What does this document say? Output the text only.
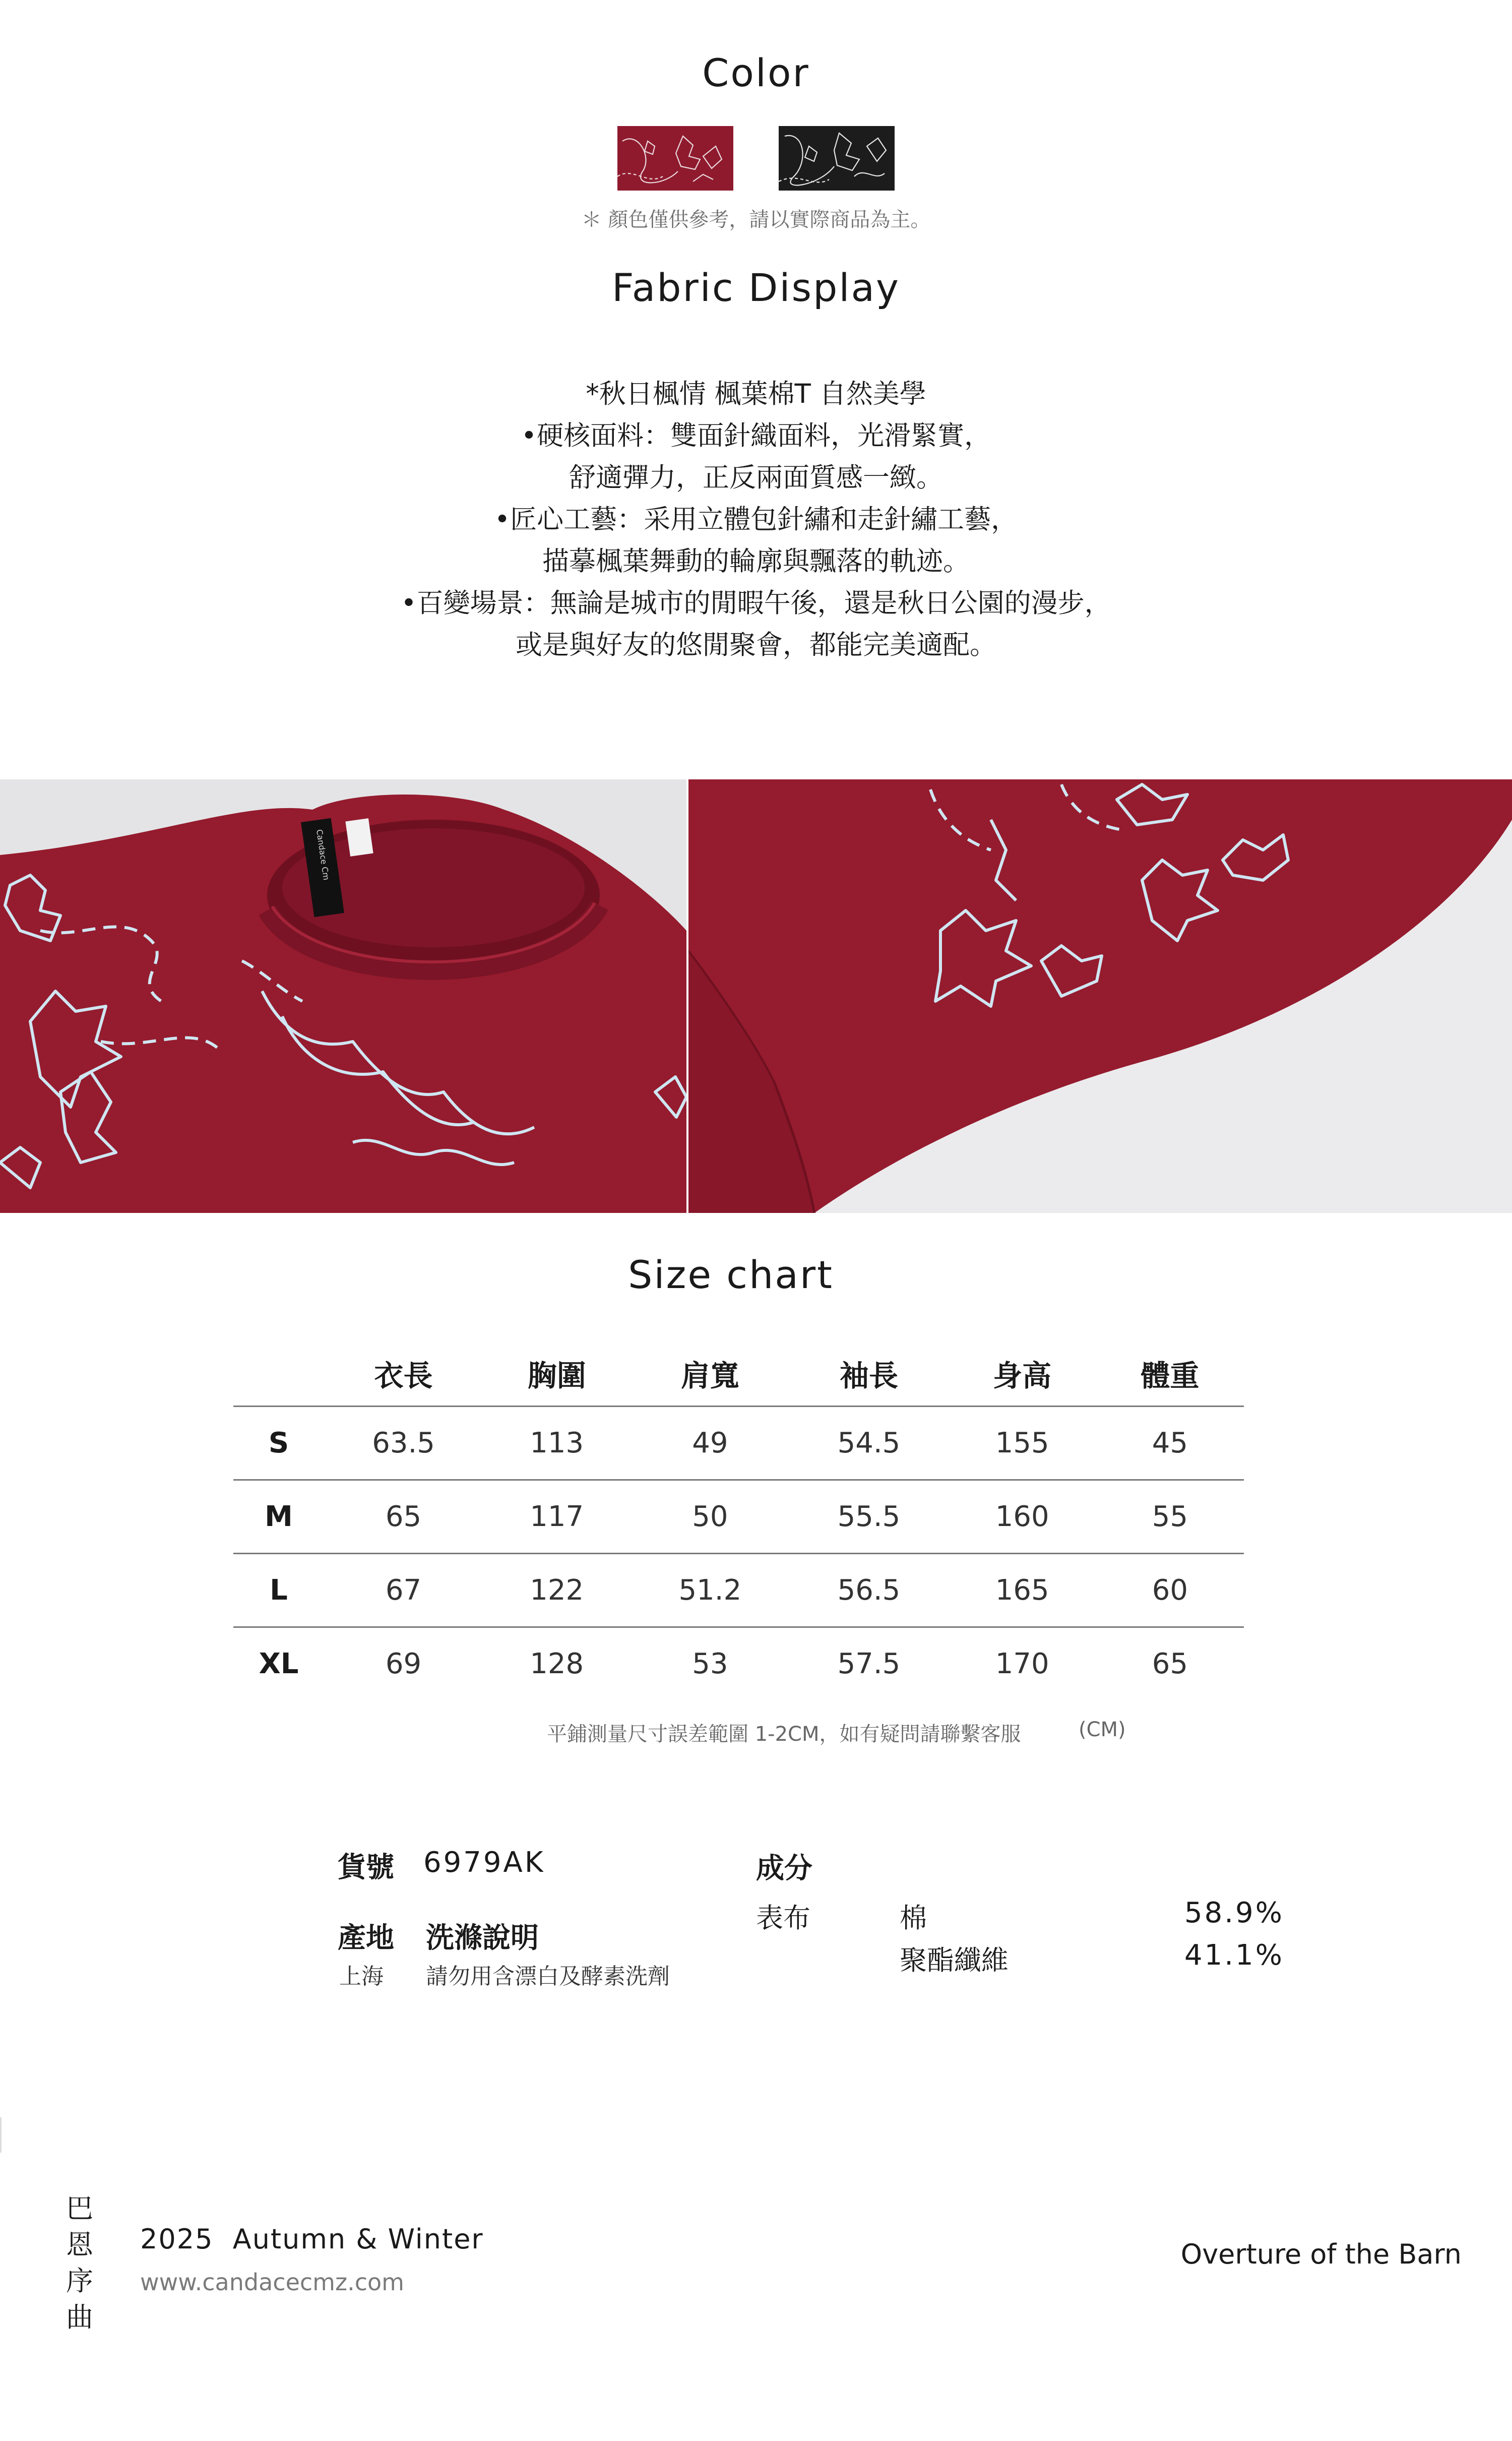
Color
＊ 顏色僅供參考，請以實際商品為主。
Fabric Display
*秋日楓情 楓葉棉T 自然美學
•硬核面料：雙面針織面料，光滑緊實，
舒適彈力，正反兩面質感一緻。
•匠心工藝：采用立體包針繡和走針繡工藝，
描摹楓葉舞動的輪廓與飄落的軌迹。
•百變場景：無論是城市的閒暇午後，還是秋日公園的漫步，
或是與好友的悠閒聚會，都能完美適配。
Candace Cm
Size chart
	衣長	胸圍	肩寬	袖長	身高	體重
S	63.5	113	49	54.5	155	45
M	65	117	50	55.5	160	55
L	67	122	51.2	56.5	165	60
XL	69	128	53	57.5	170	65
平鋪測量尺寸誤差範圍 1-2CM，如有疑問請聯繫客服	(CM)
貨號 6979AK
產地 洗滌說明
上海 請勿用含漂白及酵素洗劑
成分
表布	棉	58.9%
聚酯纖維	41.1%
巴
恩
序
曲
2025  Autumn & Winter
www.candacecmz.com
Overture of the Barn
